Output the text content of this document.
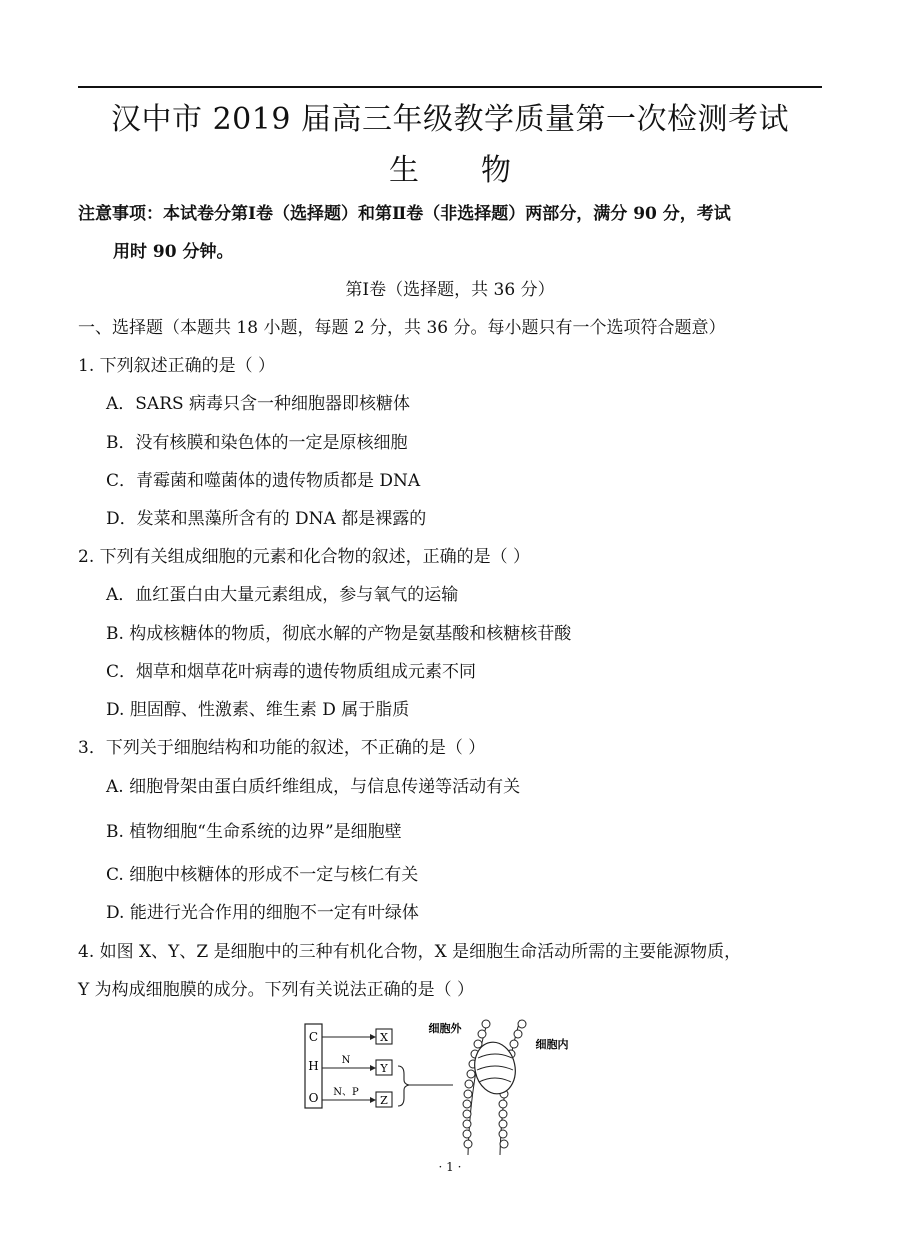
汉中市 2019 届高三年级教学质量第一次检测考试
生物
注意事项：本试卷分第Ⅰ卷（选择题）和第Ⅱ卷（非选择题）两部分，满分 90 分，考试
用时 90 分钟。
第Ⅰ卷（选择题，共 36 分）
一、选择题（本题共 18 小题，每题 2 分，共 36 分。每小题只有一个选项符合题意）
1. 下列叙述正确的是（ ）
A．SARS 病毒只含一种细胞器即核糖体
B．没有核膜和染色体的一定是原核细胞
C．青霉菌和噬菌体的遗传物质都是 DNA
D．发菜和黑藻所含有的 DNA 都是裸露的
2. 下列有关组成细胞的元素和化合物的叙述，正确的是（ ）
A．血红蛋白由大量元素组成，参与氧气的运输
B. 构成核糖体的物质，彻底水解的产物是氨基酸和核糖核苷酸
C．烟草和烟草花叶病毒的遗传物质组成元素不同
D. 胆固醇、性激素、维生素 D 属于脂质
3．下列关于细胞结构和功能的叙述，不正确的是（ ）
A. 细胞骨架由蛋白质纤维组成，与信息传递等活动有关
B. 植物细胞“生命系统的边界”是细胞壁
C. 细胞中核糖体的形成不一定与核仁有关
D. 能进行光合作用的细胞不一定有叶绿体
4. 如图 X、Y、Z 是细胞中的三种有机化合物，X 是细胞生命活动所需的主要能源物质，
Y 为构成细胞膜的成分。下列有关说法正确的是（ ）
C
H
O
N
N、P
X
Y
Z
细胞外
细胞内
· 1 ·
